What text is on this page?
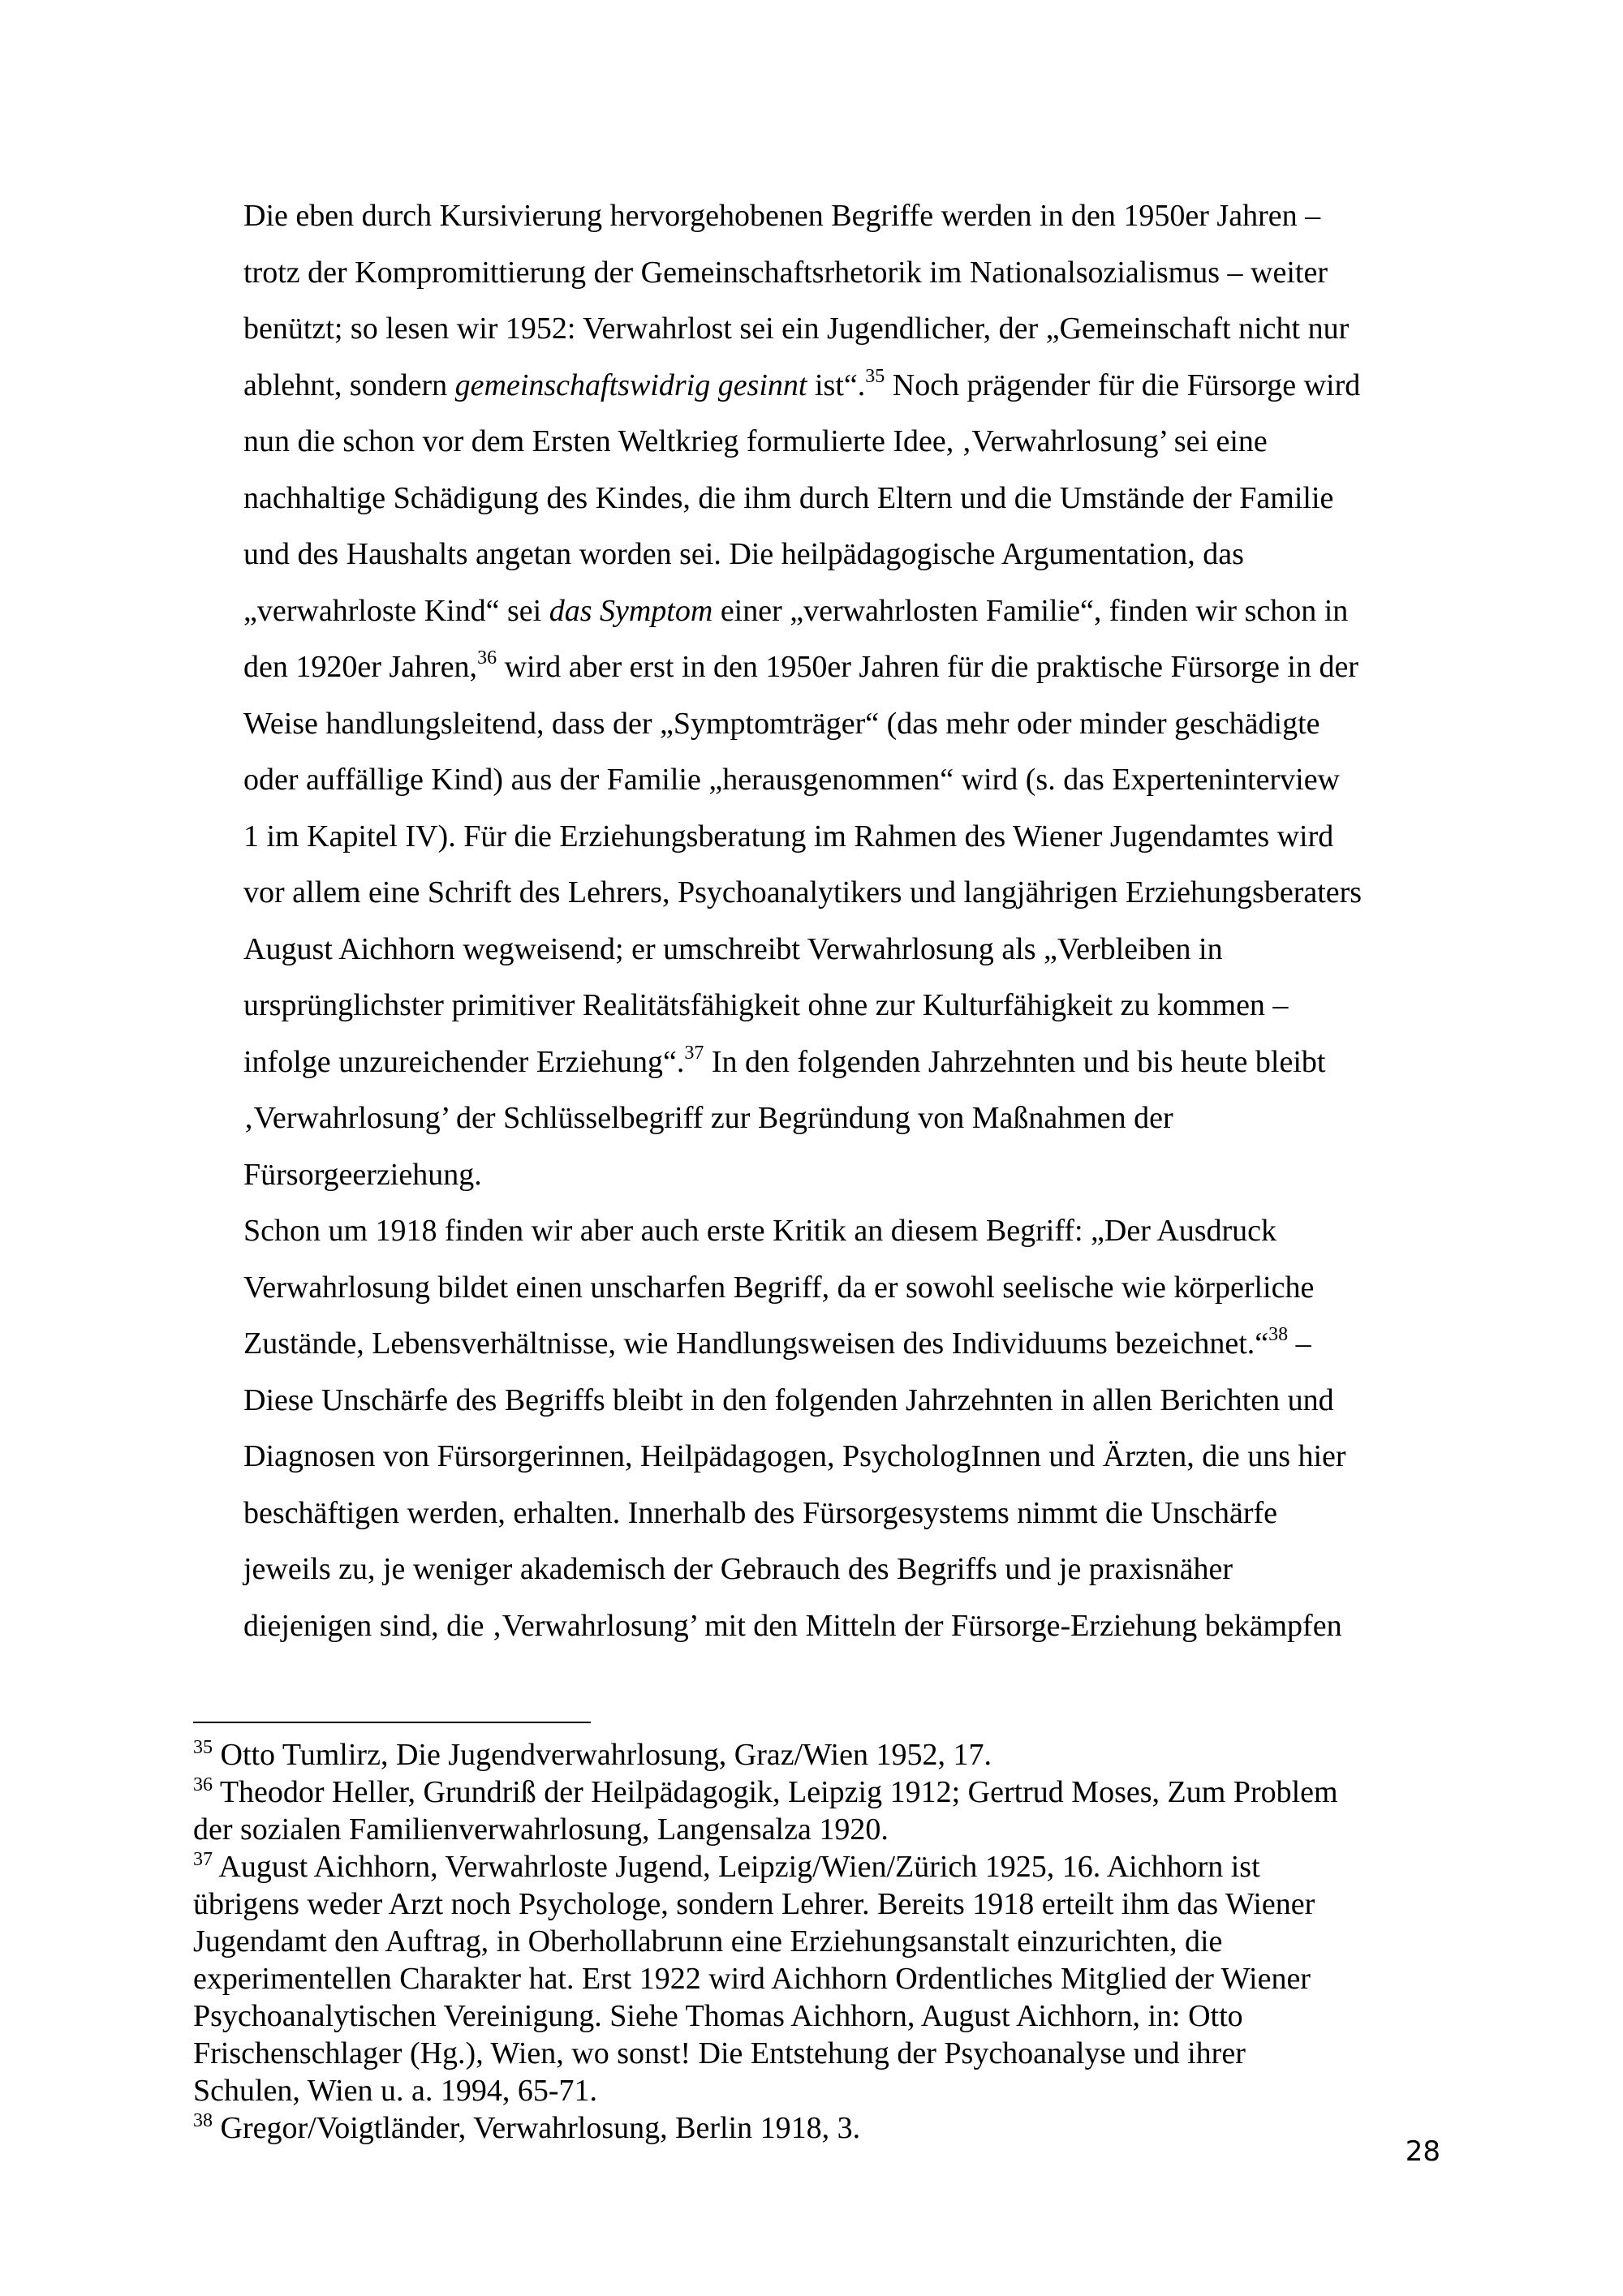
Die eben durch Kursivierung hervorgehobenen Begriffe werden in den 1950er Jahren –
trotz der Kompromittierung der Gemeinschaftsrhetorik im Nationalsozialismus – weiter
benützt; so lesen wir 1952: Verwahrlost sei ein Jugendlicher, der „Gemeinschaft nicht nur
ablehnt, sondern gemeinschaftswidrig gesinnt ist“.$^{35}$ Noch prägender für die Fürsorge wird
nun die schon vor dem Ersten Weltkrieg formulierte Idee, ‚Verwahrlosung’ sei eine
nachhaltige Schädigung des Kindes, die ihm durch Eltern und die Umstände der Familie
und des Haushalts angetan worden sei. Die heilpädagogische Argumentation, das
„verwahrloste Kind“ sei das Symptom einer „verwahrlosten Familie“, finden wir schon in
den 1920er Jahren,$^{36}$ wird aber erst in den 1950er Jahren für die praktische Fürsorge in der
Weise handlungsleitend, dass der „Symptomträger“ (das mehr oder minder geschädigte
oder auffällige Kind) aus der Familie „herausgenommen“ wird (s. das Experteninterview
1 im Kapitel IV). Für die Erziehungsberatung im Rahmen des Wiener Jugendamtes wird
vor allem eine Schrift des Lehrers, Psychoanalytikers und langjährigen Erziehungsberaters
August Aichhorn wegweisend; er umschreibt Verwahrlosung als „Verbleiben in
ursprünglichster primitiver Realitätsfähigkeit ohne zur Kulturfähigkeit zu kommen –
infolge unzureichender Erziehung“.$^{37}$ In den folgenden Jahrzehnten und bis heute bleibt
‚Verwahrlosung’ der Schlüsselbegriff zur Begründung von Maßnahmen der
Fürsorgeerziehung.
Schon um 1918 finden wir aber auch erste Kritik an diesem Begriff: „Der Ausdruck
Verwahrlosung bildet einen unscharfen Begriff, da er sowohl seelische wie körperliche
Zustände, Lebensverhältnisse, wie Handlungsweisen des Individuums bezeichnet.“$^{38}$ –
Diese Unschärfe des Begriffs bleibt in den folgenden Jahrzehnten in allen Berichten und
Diagnosen von Fürsorgerinnen, Heilpädagogen, PsychologInnen und Ärzten, die uns hier
beschäftigen werden, erhalten. Innerhalb des Fürsorgesystems nimmt die Unschärfe
jeweils zu, je weniger akademisch der Gebrauch des Begriffs und je praxisnäher
diejenigen sind, die ‚Verwahrlosung’ mit den Mitteln der Fürsorge-Erziehung bekämpfen
$^{35}$ Otto Tumlirz, Die Jugendverwahrlosung, Graz/Wien 1952, 17.
$^{36}$ Theodor Heller, Grundriß der Heilpädagogik, Leipzig 1912; Gertrud Moses, Zum Problem
der sozialen Familienverwahrlosung, Langensalza 1920.
$^{37}$ August Aichhorn, Verwahrloste Jugend, Leipzig/Wien/Zürich 1925, 16. Aichhorn ist
übrigens weder Arzt noch Psychologe, sondern Lehrer. Bereits 1918 erteilt ihm das Wiener
Jugendamt den Auftrag, in Oberhollabrunn eine Erziehungsanstalt einzurichten, die
experimentellen Charakter hat. Erst 1922 wird Aichhorn Ordentliches Mitglied der Wiener
Psychoanalytischen Vereinigung. Siehe Thomas Aichhorn, August Aichhorn, in: Otto
Frischenschlager (Hg.), Wien, wo sonst! Die Entstehung der Psychoanalyse und ihrer
Schulen, Wien u. a. 1994, 65-71.
$^{38}$ Gregor/Voigtländer, Verwahrlosung, Berlin 1918, 3.
28
